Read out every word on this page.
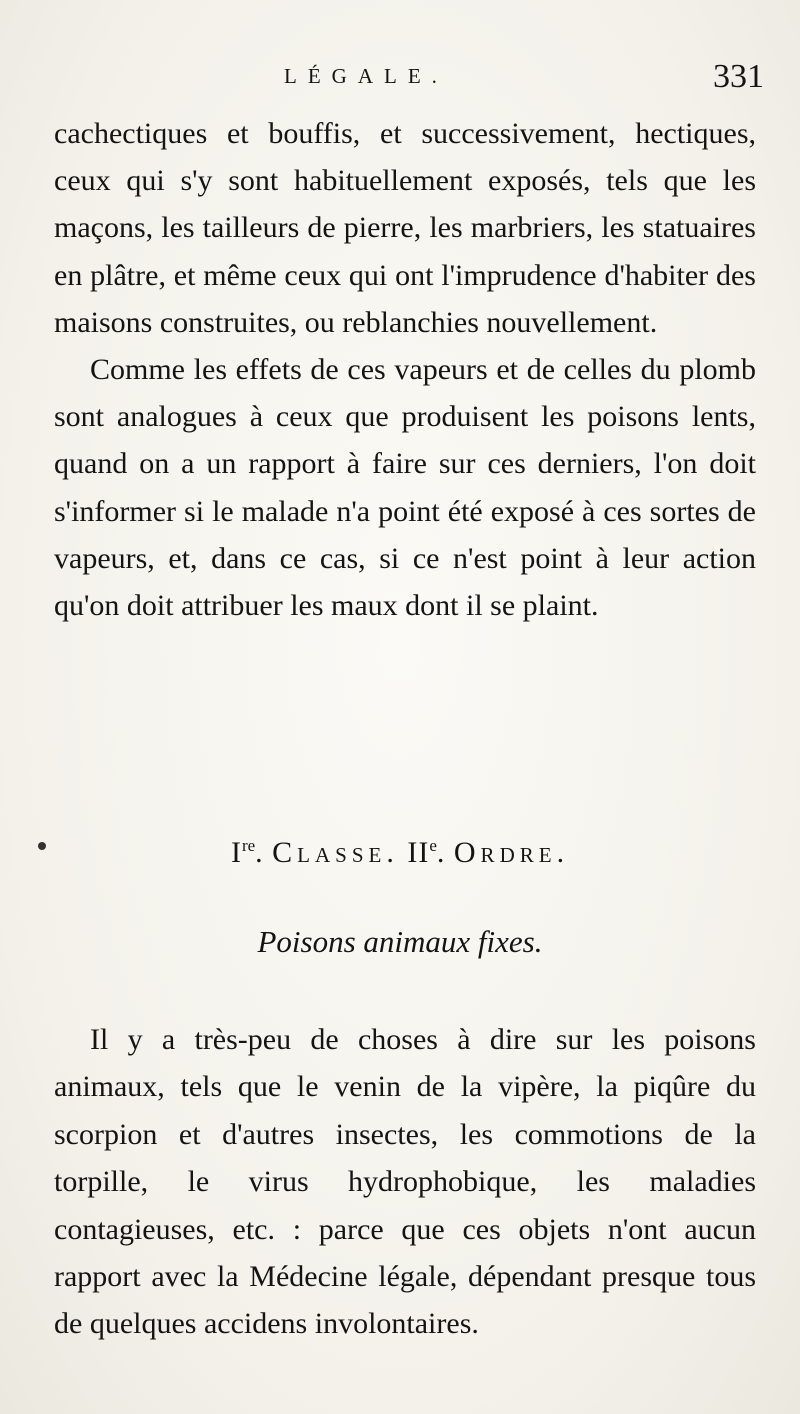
LÉGALE.	331

cachectiques et bouffis, et successivement, hectiques, ceux qui s'y sont habituellement exposés, tels que les maçons, les tailleurs de pierre, les marbriers, les statuaires en plâtre, et même ceux qui ont l'imprudence d'habiter des maisons construites, ou reblanchies nouvellement.

Comme les effets de ces vapeurs et de celles du plomb sont analogues à ceux que produisent les poisons lents, quand on a un rapport à faire sur ces derniers, l'on doit s'informer si le malade n'a point été exposé à ces sortes de vapeurs, et, dans ce cas, si ce n'est point à leur action qu'on doit attribuer les maux dont il se plaint.

Ire. Classe. IIe. Ordre.
Poisons animaux fixes.

Il y a très-peu de choses à dire sur les poisons animaux, tels que le venin de la vipère, la piqûre du scorpion et d'autres insectes, les commotions de la torpille, le virus hydrophobique, les maladies contagieuses, etc. : parce que ces objets n'ont aucun rapport avec la Médecine légale, dépendant presque tous de quelques accidens involontaires.
